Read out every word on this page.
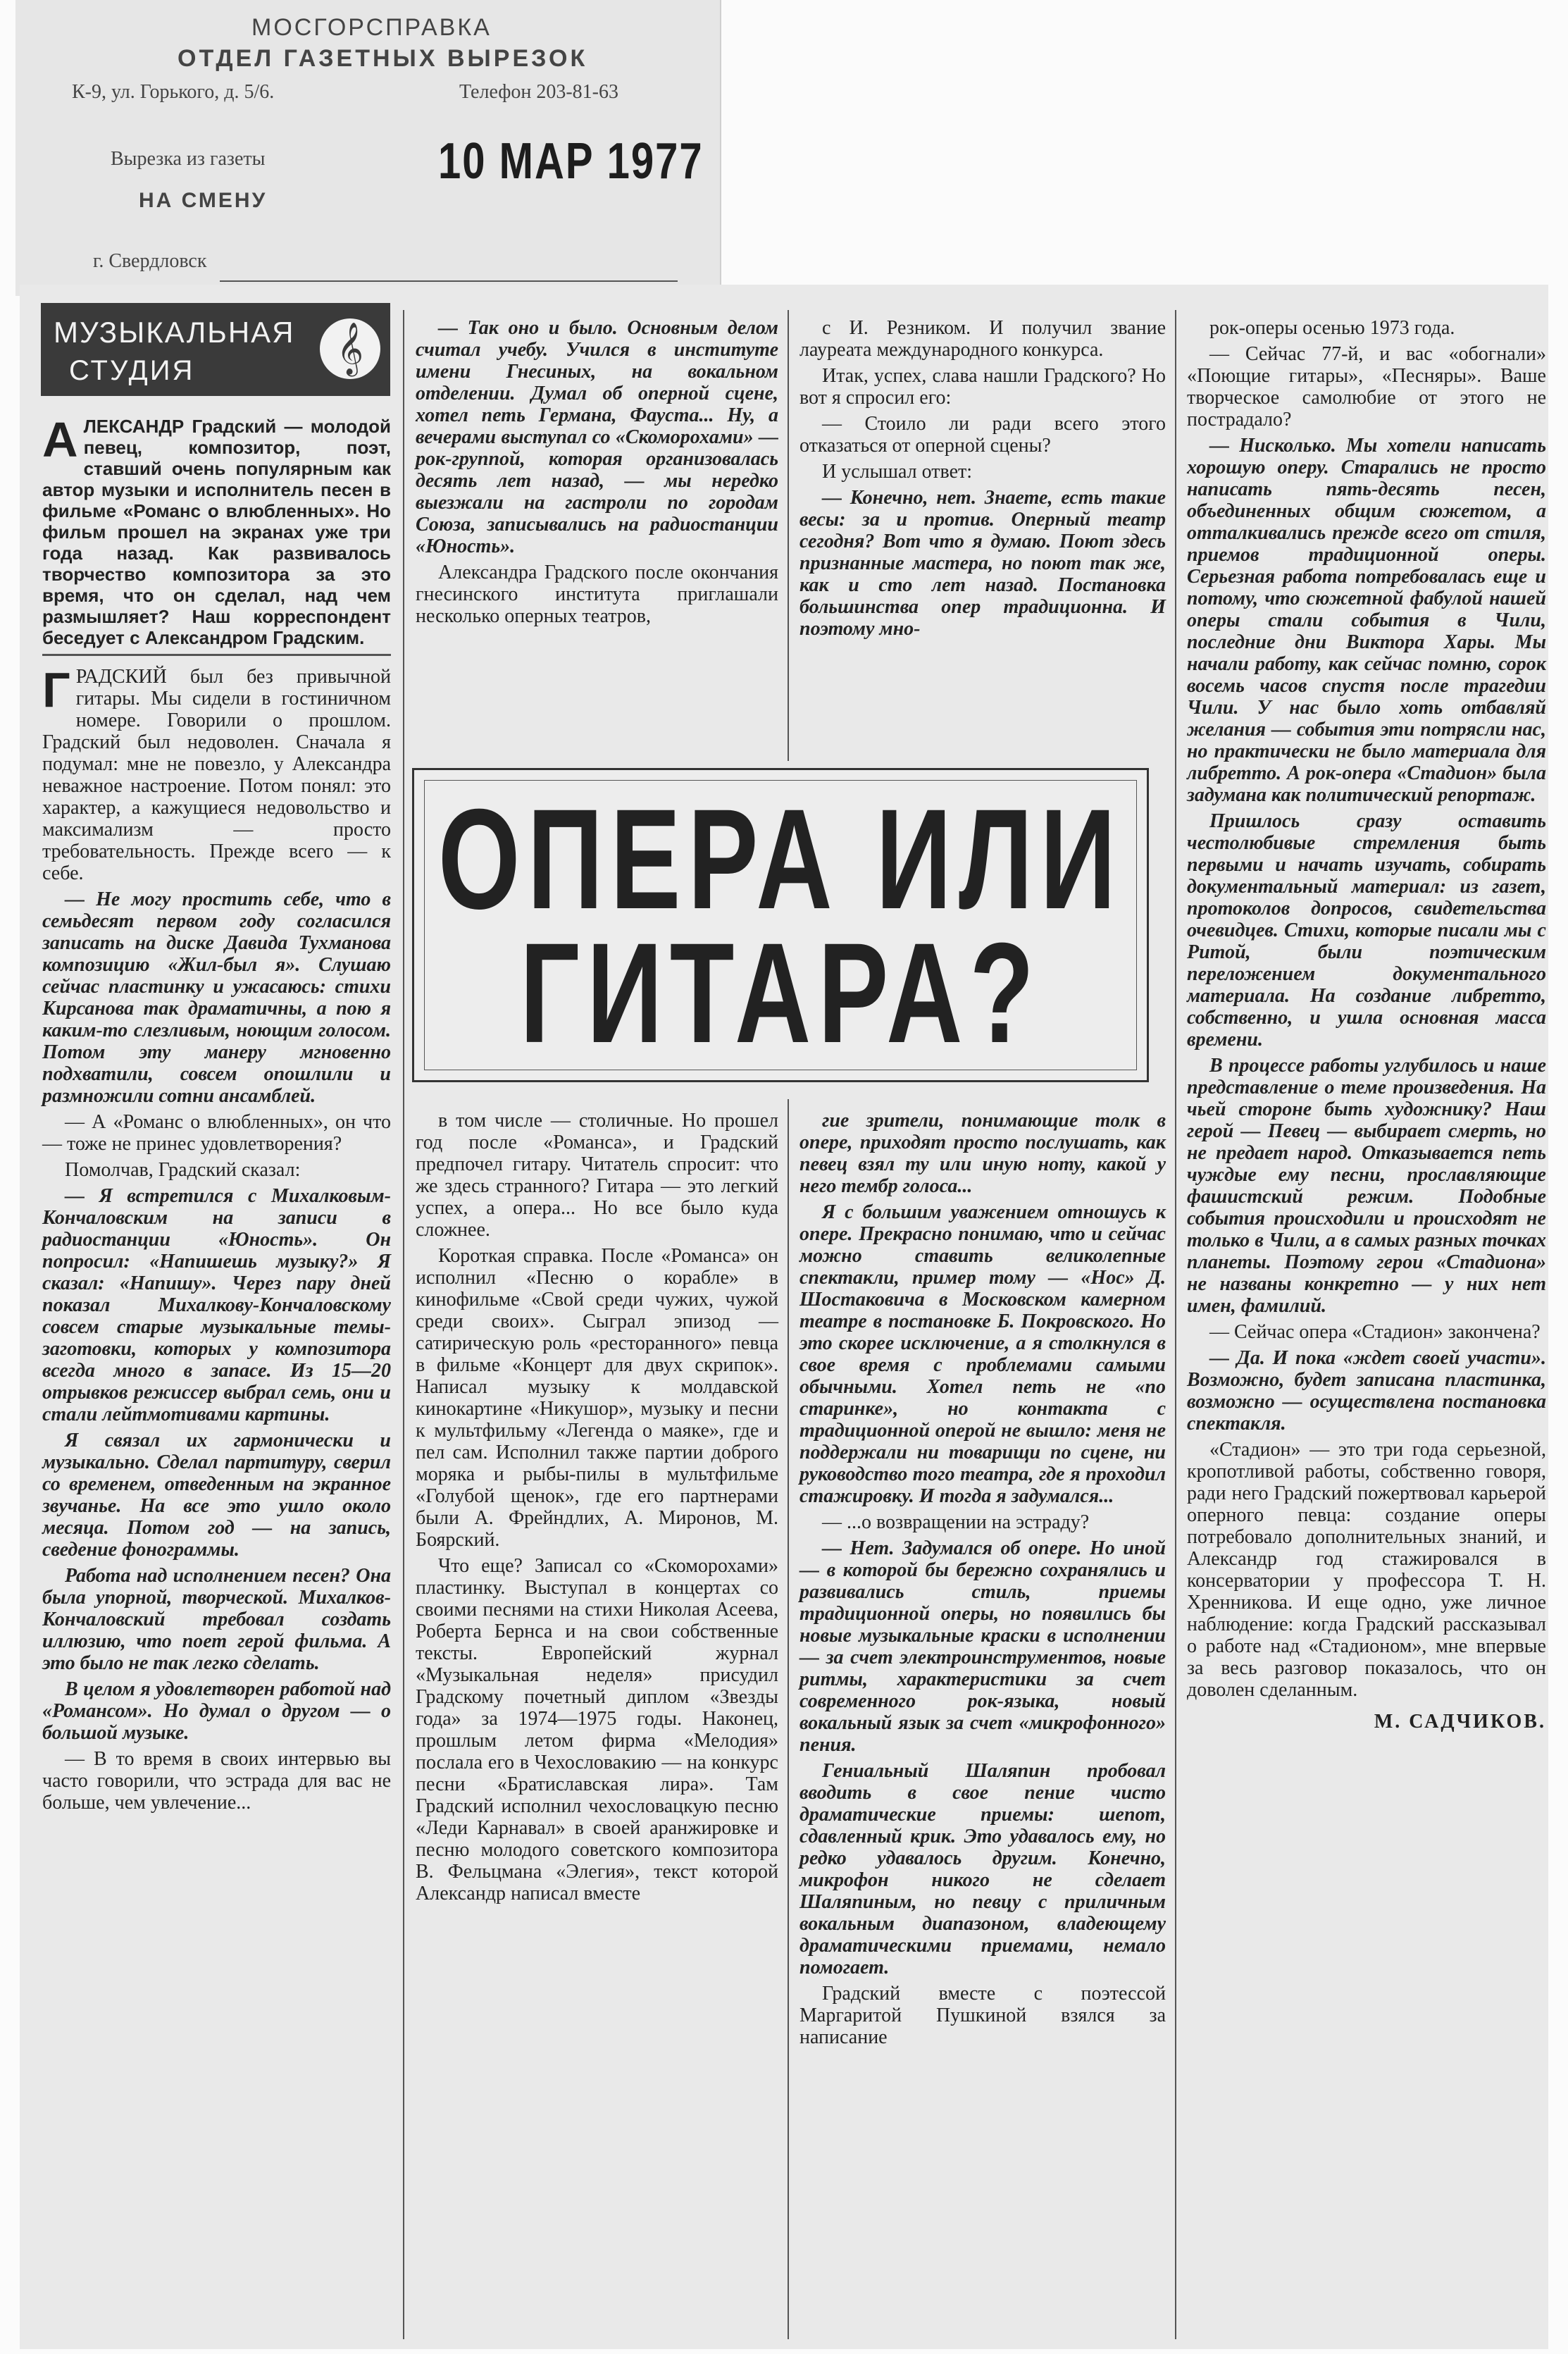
МОСГОРСПРАВКА
ОТДЕЛ ГАЗЕТНЫХ ВЫРЕЗОК
К-9, ул. Горького, д. 5/6.	Телефон 203-81-63
Вырезка из газеты	10 МАР 1977
НА СМЕНУ
г. Свердловск
МУЗЫКАЛЬНАЯ
СТУДИЯ	𝄞

АЛЕКСАНДР Градский — молодой певец, композитор, поэт, ставший очень популярным как автор музыки и исполнитель песен в фильме «Романс о влюбленных». Но фильм прошел на экранах уже три года назад. Как развивалось творчество композитора за это время, что он сделал, над чем размышляет? Наш корреспондент беседует с Александром Градским.

ГРАДСКИЙ был без привычной гитары. Мы сидели в гостиничном номере. Говорили о прошлом. Градский был недоволен. Сначала я подумал: мне не повезло, у Александра неважное настроение. Потом понял: это характер, а кажущиеся недовольство и максимализм — просто требовательность. Прежде всего — к себе.

— Не могу простить себе, что в семьдесят первом году согласился записать на диске Давида Тухманова композицию «Жил-был я». Слушаю сейчас пластинку и ужасаюсь: стихи Кирсанова так драматичны, а пою я каким-то слезливым, ноющим голосом. Потом эту манеру мгновенно подхватили, совсем опошлили и размножили сотни ансамблей.

— А «Романс о влюбленных», он что — тоже не принес удовлетворения?

Помолчав, Градский сказал:

— Я встретился с Михалковым-Кончаловским на записи в радиостанции «Юность». Он попросил: «Напишешь музыку?» Я сказал: «Напишу». Через пару дней показал Михалкову-Кончаловскому совсем старые музыкальные темы-заготовки, которых у композитора всегда много в запасе. Из 15—20 отрывков режиссер выбрал семь, они и стали лейтмотивами картины.

Я связал их гармонически и музыкально. Сделал партитуру, сверил со временем, отведенным на экранное звучанье. На все это ушло около месяца. Потом год — на запись, сведение фонограммы.

Работа над исполнением песен? Она была упорной, творческой. Михалков-Кончаловский требовал создать иллюзию, что поет герой фильма. А это было не так легко сделать.

В целом я удовлетворен работой над «Романсом». Но думал о другом — о большой музыке.

— В то время в своих интервью вы часто говорили, что эстрада для вас не больше, чем увлечение...

— Так оно и было. Основным делом считал учебу. Учился в институте имени Гнесиных, на вокальном отделении. Думал об оперной сцене, хотел петь Германа, Фауста... Ну, а вечерами выступал со «Скоморохами» — рок-группой, которая организовалась десять лет назад, — мы нередко выезжали на гастроли по городам Союза, записывались на радиостанции «Юность».

Александра Градского после окончания гнесинского института приглашали несколько оперных театров,

с И. Резником. И получил звание лауреата международного конкурса.

Итак, успех, слава нашли Градского? Но вот я спросил его:

— Стоило ли ради всего этого отказаться от оперной сцены?

И услышал ответ:

— Конечно, нет. Знаете, есть такие весы: за и против. Оперный театр сегодня? Вот что я думаю. Поют здесь признанные мастера, но поют так же, как и сто лет назад. Постановка большинства опер традиционна. И поэтому мно-

ОПЕРА ИЛИ
ГИТАРА?

в том числе — столичные. Но прошел год после «Романса», и Градский предпочел гитару. Читатель спросит: что же здесь странного? Гитара — это легкий успех, а опера... Но все было куда сложнее.

Короткая справка. После «Романса» он исполнил «Песню о корабле» в кинофильме «Свой среди чужих, чужой среди своих». Сыграл эпизод — сатирическую роль «ресторанного» певца в фильме «Концерт для двух скрипок». Написал музыку к молдавской кинокартине «Никушор», музыку и песни к мультфильму «Легенда о маяке», где и пел сам. Исполнил также партии доброго моряка и рыбы-пилы в мультфильме «Голубой щенок», где его партнерами были А. Фрейндлих, А. Миронов, М. Боярский.

Что еще? Записал со «Скоморохами» пластинку. Выступал в концертах со своими песнями на стихи Николая Асеева, Роберта Бернса и на свои собственные тексты. Европейский журнал «Музыкальная неделя» присудил Градскому почетный диплом «Звезды года» за 1974—1975 годы. Наконец, прошлым летом фирма «Мелодия» послала его в Чехословакию — на конкурс песни «Братиславская лира». Там Градский исполнил чехословацкую песню «Леди Карнавал» в своей аранжировке и песню молодого советского композитора В. Фельцмана «Элегия», текст которой Александр написал вместе

гие зрители, понимающие толк в опере, приходят просто послушать, как певец взял ту или иную ноту, какой у него тембр голоса...

Я с большим уважением отношусь к опере. Прекрасно понимаю, что и сейчас можно ставить великолепные спектакли, пример тому — «Нос» Д. Шостаковича в Московском камерном театре в постановке Б. Покровского. Но это скорее исключение, а я столкнулся в свое время с проблемами самыми обычными. Хотел петь не «по старинке», но контакта с традиционной оперой не вышло: меня не поддержали ни товарищи по сцене, ни руководство того театра, где я проходил стажировку. И тогда я задумался...

— ...о возвращении на эстраду?

— Нет. Задумался об опере. Но иной — в которой бы бережно сохранялись и развивались стиль, приемы традиционной оперы, но появились бы новые музыкальные краски в исполнении — за счет электроинструментов, новые ритмы, характеристики за счет современного рок-языка, новый вокальный язык за счет «микрофонного» пения.

Гениальный Шаляпин пробовал вводить в свое пение чисто драматические приемы: шепот, сдавленный крик. Это удавалось ему, но редко удавалось другим. Конечно, микрофон никого не сделает Шаляпиным, но певцу с приличным вокальным диапазоном, владеющему драматическими приемами, немало помогает.

Градский вместе с поэтессой Маргаритой Пушкиной взялся за написание

рок-оперы осенью 1973 года.

— Сейчас 77-й, и вас «обогнали» «Поющие гитары», «Песняры». Ваше творческое самолюбие от этого не пострадало?

— Нисколько. Мы хотели написать хорошую оперу. Старались не просто написать пять-десять песен, объединенных общим сюжетом, а отталкивались прежде всего от стиля, приемов традиционной оперы. Серьезная работа потребовалась еще и потому, что сюжетной фабулой нашей оперы стали события в Чили, последние дни Виктора Хары. Мы начали работу, как сейчас помню, сорок восемь часов спустя после трагедии Чили. У нас было хоть отбавляй желания — события эти потрясли нас, но практически не было материала для либретто. А рок-опера «Стадион» была задумана как политический репортаж.

Пришлось сразу оставить честолюбивые стремления быть первыми и начать изучать, собирать документальный материал: из газет, протоколов допросов, свидетельства очевидцев. Стихи, которые писали мы с Ритой, были поэтическим переложением документального материала. На создание либретто, собственно, и ушла основная масса времени.

В процессе работы углубилось и наше представление о теме произведения. На чьей стороне быть художнику? Наш герой — Певец — выбирает смерть, но не предает народ. Отказывается петь чуждые ему песни, прославляющие фашистский режим. Подобные события происходили и происходят не только в Чили, а в самых разных точках планеты. Поэтому герои «Стадиона» не названы конкретно — у них нет имен, фамилий.

— Сейчас опера «Стадион» закончена?

— Да. И пока «ждет своей участи». Возможно, будет записана пластинка, возможно — осуществлена постановка спектакля.

«Стадион» — это три года серьезной, кропотливой работы, собственно говоря, ради него Градский пожертвовал карьерой оперного певца: создание оперы потребовало дополнительных знаний, и Александр год стажировался в консерватории у профессора Т. Н. Хренникова. И еще одно, уже личное наблюдение: когда Градский рассказывал о работе над «Стадионом», мне впервые за весь разговор показалось, что он доволен сделанным.

М. САДЧИКОВ.
